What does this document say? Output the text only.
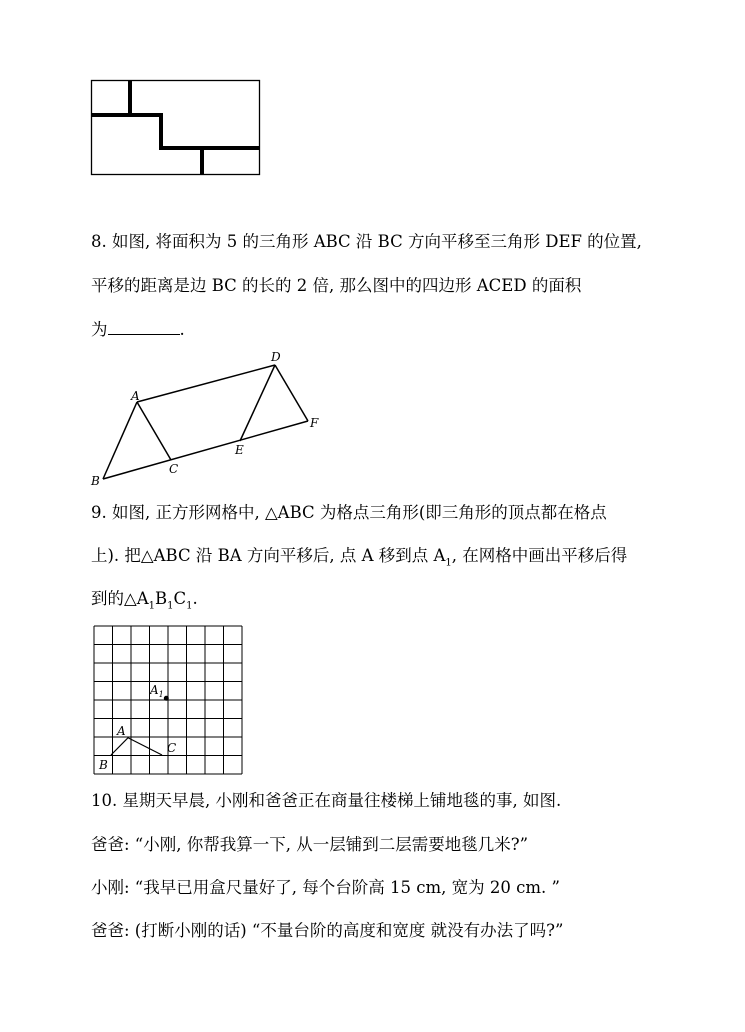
8. 如图, 将面积为 5 的三角形 ABC 沿 BC 方向平移至三角形 DEF 的位置,
平移的距离是边 BC 的长的 2 倍, 那么图中的四边形 ACED 的面积
为	.
A
B
C
D
E
F
9. 如图, 正方形网格中, △ABC 为格点三角形(即三角形的顶点都在格点
上). 把△ABC 沿 BA 方向平移后, 点 A 移到点 $A_1$, 在网格中画出平移后得
到的$\triangle A_1B_1C_1$.
A
B
C
$A_1$
10. 星期天早晨, 小刚和爸爸正在商量往楼梯上铺地毯的事, 如图.
爸爸: “小刚, 你帮我算一下, 从一层铺到二层需要地毯几米?”
小刚: “我早已用盒尺量好了, 每个台阶高 15 cm, 宽为 20 cm. ”
爸爸: (打断小刚的话) “不量台阶的高度和宽度 就没有办法了吗?”
